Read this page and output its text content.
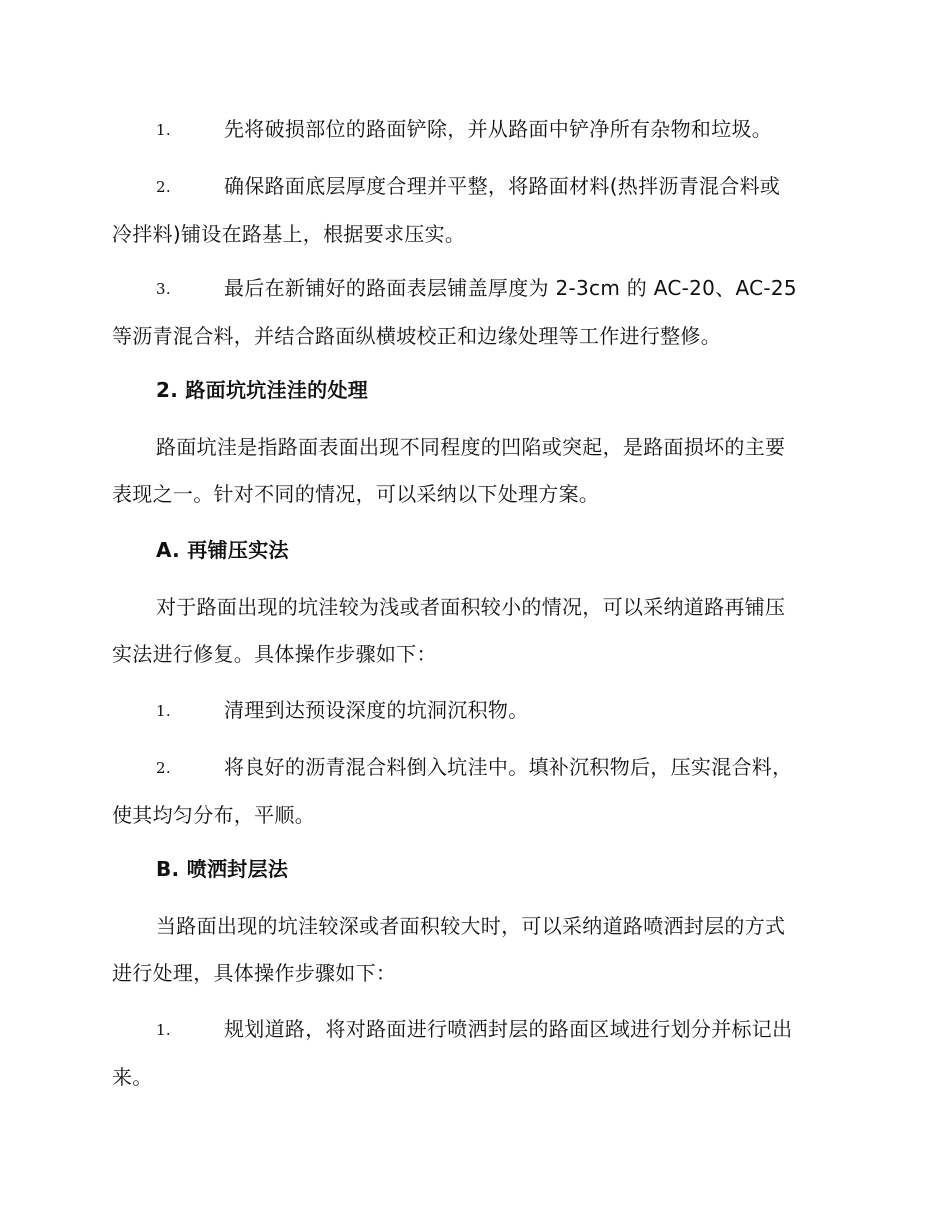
1.	先将破损部位的路面铲除，并从路面中铲净所有杂物和垃圾。
2.	确保路面底层厚度合理并平整，将路面材料(热拌沥青混合料或
冷拌料)铺设在路基上，根据要求压实。
3.	最后在新铺好的路面表层铺盖厚度为 2-3cm 的 AC-20、AC-25
等沥青混合料，并结合路面纵横坡校正和边缘处理等工作进行整修。
2. 路面坑坑洼洼的处理
路面坑洼是指路面表面出现不同程度的凹陷或突起，是路面损坏的主要
表现之一。针对不同的情况，可以采纳以下处理方案。
A. 再铺压实法
对于路面出现的坑洼较为浅或者面积较小的情况，可以采纳道路再铺压
实法进行修复。具体操作步骤如下：
1.	清理到达预设深度的坑洞沉积物。
2.	将良好的沥青混合料倒入坑洼中。填补沉积物后，压实混合料，
使其均匀分布，平顺。
B. 喷洒封层法
当路面出现的坑洼较深或者面积较大时，可以采纳道路喷洒封层的方式
进行处理，具体操作步骤如下：
1.	规划道路，将对路面进行喷洒封层的路面区域进行划分并标记出
来。
